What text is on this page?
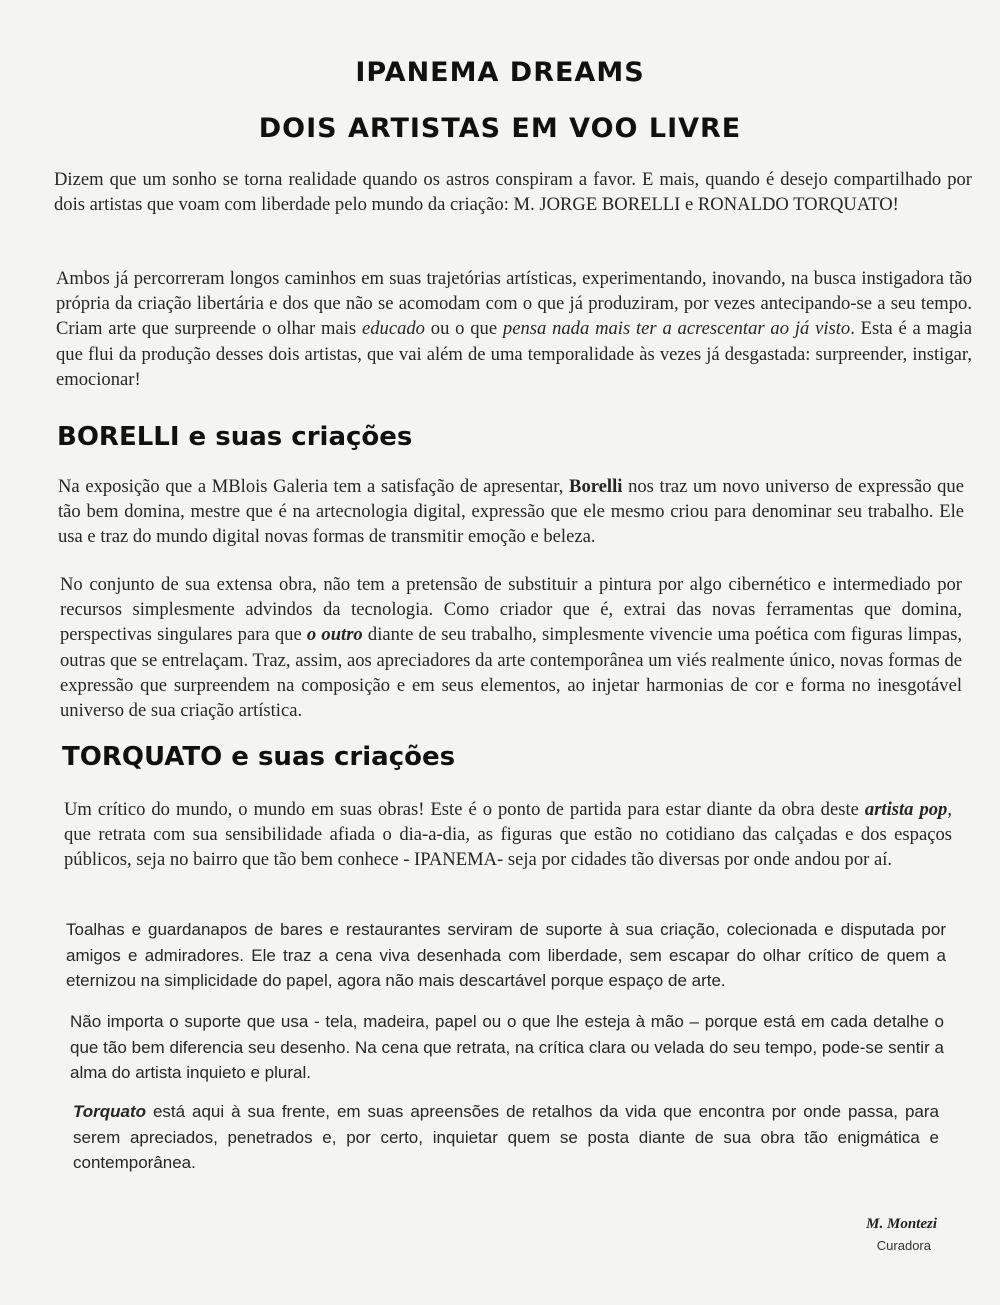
IPANEMA DREAMS
DOIS ARTISTAS EM VOO LIVRE

Dizem que um sonho se torna realidade quando os astros conspiram a favor. E mais, quando é desejo compartilhado por dois artistas que voam com liberdade pelo mundo da criação: M. JORGE BORELLI e RONALDO TORQUATO!

Ambos já percorreram longos caminhos em suas trajetórias artísticas, experimentando, inovando, na busca instigadora tão própria da criação libertária e dos que não se acomodam com o que já produziram, por vezes antecipando-se a seu tempo. Criam arte que surpreende o olhar mais educado ou o que pensa nada mais ter a acrescentar ao já visto. Esta é a magia que flui da produção desses dois artistas, que vai além de uma temporalidade às vezes já desgastada: surpreender, instigar, emocionar!

BORELLI e suas criações

Na exposição que a MBlois Galeria tem a satisfação de apresentar, Borelli nos traz um novo universo de expressão que tão bem domina, mestre que é na artecnologia digital, expressão que ele mesmo criou para denominar seu trabalho. Ele usa e traz do mundo digital novas formas de transmitir emoção e beleza.

No conjunto de sua extensa obra, não tem a pretensão de substituir a pintura por algo cibernético e intermediado por recursos simplesmente advindos da tecnologia. Como criador que é, extrai das novas ferramentas que domina, perspectivas singulares para que o outro diante de seu trabalho, simplesmente vivencie uma poética com figuras limpas, outras que se entrelaçam. Traz, assim, aos apreciadores da arte contemporânea um viés realmente único, novas formas de expressão que surpreendem na composição e em seus elementos, ao injetar harmonias de cor e forma no inesgotável universo de sua criação artística.

TORQUATO e suas criações

Um crítico do mundo, o mundo em suas obras! Este é o ponto de partida para estar diante da obra deste artista pop, que retrata com sua sensibilidade afiada o dia-a-dia, as figuras que estão no cotidiano das calçadas e dos espaços públicos, seja no bairro que tão bem conhece - IPANEMA- seja por cidades tão diversas por onde andou por aí.

Toalhas e guardanapos de bares e restaurantes serviram de suporte à sua criação, colecionada e disputada por amigos e admiradores. Ele traz a cena viva desenhada com liberdade, sem escapar do olhar crítico de quem a eternizou na simplicidade do papel, agora não mais descartável porque espaço de arte.

Não importa o suporte que usa - tela, madeira, papel ou o que lhe esteja à mão – porque está em cada detalhe o que tão bem diferencia seu desenho. Na cena que retrata, na crítica clara ou velada do seu tempo, pode-se sentir a alma do artista inquieto e plural.

Torquato está aqui à sua frente, em suas apreensões de retalhos da vida que encontra por onde passa, para serem apreciados, penetrados e, por certo, inquietar quem se posta diante de sua obra tão enigmática e contemporânea.

M. Montezi

Curadora
